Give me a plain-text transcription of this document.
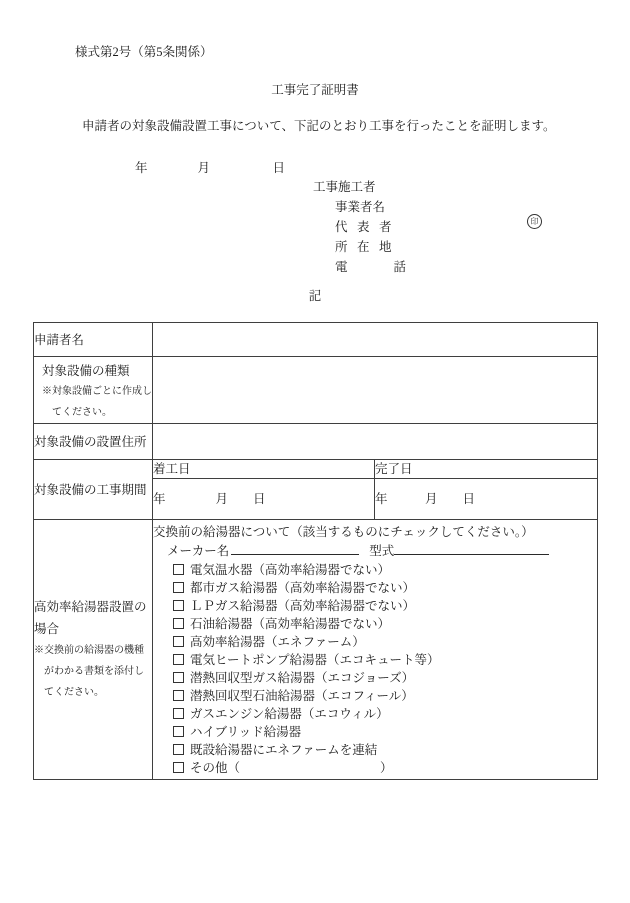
様式第2号（第5条関係）
工事完了証明書
申請者の対象設備設置工事について、下記のとおり工事を行ったことを証明します。
年　　　　月　　　　　日
工事施工者
事業者名
代表者	印
所在地
電話
記
申請者名		

対象設備の種類
※対象設備ごとに作成し
てください。		

対象設備の設置住所		
対象設備の工事期間	着工日	完了日
	年　　　　月　　日	年　　　月　　日

高効率給湯器設置の
場合
※交換前の給湯器の機種
がわかる書類を添付し
てください。

交換前の給湯器について（該当するものにチェックしてください。）
メーカー名	型式
電気温水器（高効率給湯器でない）
都市ガス給湯器（高効率給湯器でない）
ＬＰガス給湯器（高効率給湯器でない）
石油給湯器（高効率給湯器でない）
高効率給湯器（エネファーム）
電気ヒートポンプ給湯器（エコキュート等）
潜熱回収型ガス給湯器（エコジョーズ）
潜熱回収型石油給湯器（エコフィール）
ガスエンジン給湯器（エコウィル）
ハイブリッド給湯器
既設給湯器にエネファームを連結
その他（	）
